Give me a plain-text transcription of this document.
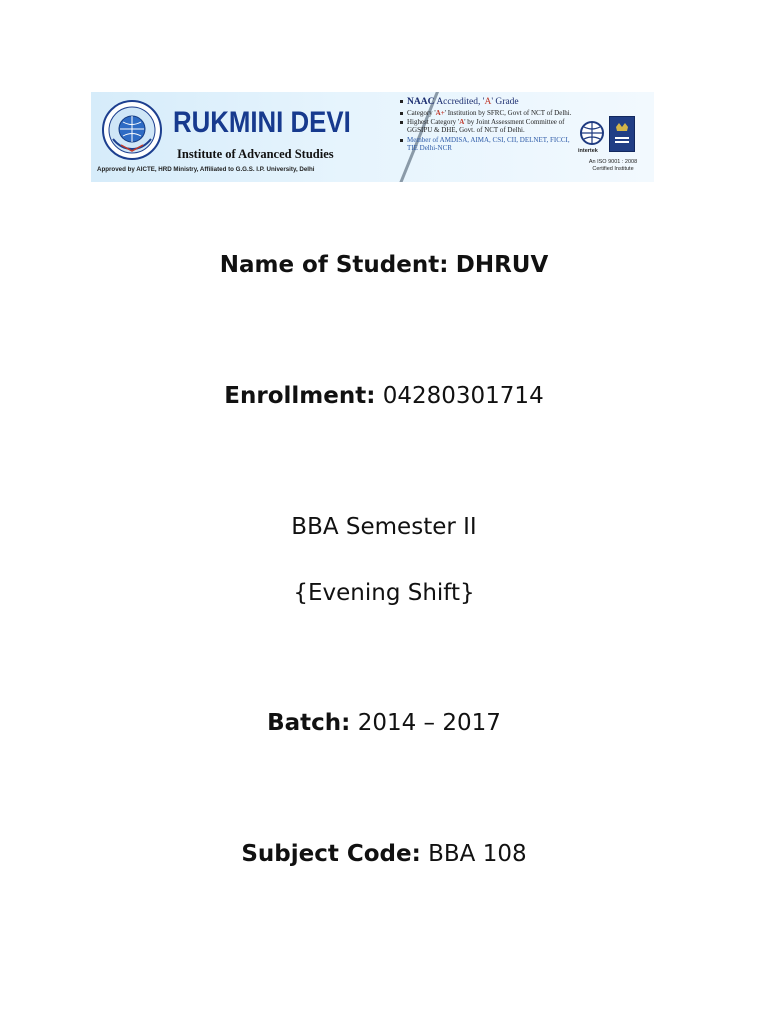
RUKMINI DEVI
Institute of Advanced Studies
Approved by AICTE, HRD Ministry, Affiliated to G.G.S. I.P. University, Delhi
NAAC Accredited, 'A' Grade
Category 'A+' Institution by SFRC, Govt of NCT of Delhi.
Highest Category 'A' by Joint Assessment Committee of GGSIPU & DHE, Govt. of NCT of Delhi.
Member of AMDISA, AIMA, CSI, CII, DELNET, FICCI, TIE Delhi-NCR	intertek
An ISO 9001 : 2008
Certified Institute
Name of Student: DHRUV
Enrollment: 04280301714
BBA Semester II
{Evening Shift}
Batch: 2014 – 2017
Subject Code: BBA 108
